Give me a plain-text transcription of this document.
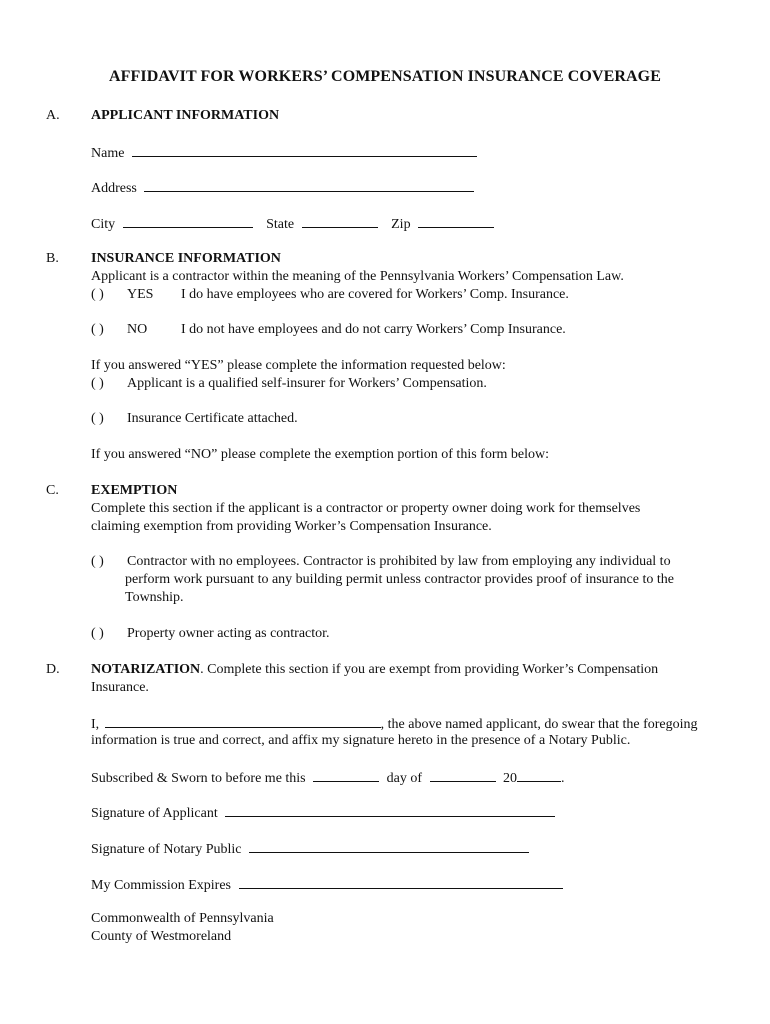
AFFIDAVIT FOR WORKERS’ COMPENSATION INSURANCE COVERAGE
A. APPLICANT INFORMATION
Name
Address
City	State	Zip
B. INSURANCE INFORMATION
Applicant is a contractor within the meaning of the Pennsylvania Workers’ Compensation Law.
( ) YES I do have employees who are covered for Workers’ Comp. Insurance.
( ) NO I do not have employees and do not carry Workers’ Comp Insurance.
If you answered “YES” please complete the information requested below:
( ) Applicant is a qualified self-insurer for Workers’ Compensation.
( ) Insurance Certificate attached.
If you answered “NO” please complete the exemption portion of this form below:
C. EXEMPTION
Complete this section if the applicant is a contractor or property owner doing work for themselves
claiming exemption from providing Worker’s Compensation Insurance.
( ) Contractor with no employees. Contractor is prohibited by law from employing any individual to
perform work pursuant to any building permit unless contractor provides proof of insurance to the
Township.
( ) Property owner acting as contractor.
D. NOTARIZATION. Complete this section if you are exempt from providing Worker’s Compensation
Insurance.
I,	, the above named applicant, do swear that the foregoing
information is true and correct, and affix my signature hereto in the presence of a Notary Public.
Subscribed & Sworn to before me this	day of	20	.
Signature of Applicant
Signature of Notary Public
My Commission Expires
Commonwealth of Pennsylvania
County of Westmoreland
